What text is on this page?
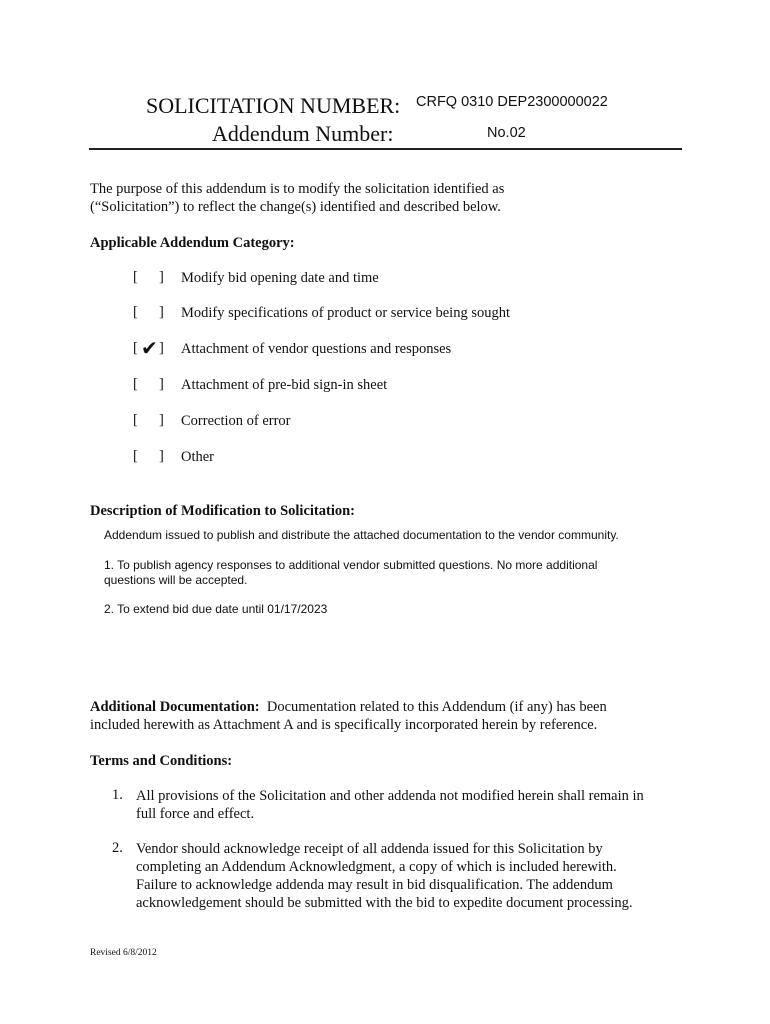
SOLICITATION NUMBER: CRFQ 0310 DEP2300000022
Addendum Number:	No.02
The purpose of this addendum is to modify the solicitation identified as
(“Solicitation”) to reflect the change(s) identified and described below.
Applicable Addendum Category:
[ ] Modify bid opening date and time
[ ] Modify specifications of product or service being sought
[ ✔ ] Attachment of vendor questions and responses
[ ] Attachment of pre-bid sign-in sheet
[ ] Correction of error
[ ] Other
Description of Modification to Solicitation:
Addendum issued to publish and distribute the attached documentation to the vendor community.
1. To publish agency responses to additional vendor submitted questions. No more additional
questions will be accepted.
2. To extend bid due date until 01/17/2023
Additional Documentation: Documentation related to this Addendum (if any) has been
included herewith as Attachment A and is specifically incorporated herein by reference.
Terms and Conditions:
1. All provisions of the Solicitation and other addenda not modified herein shall remain in
full force and effect.
2. Vendor should acknowledge receipt of all addenda issued for this Solicitation by
completing an Addendum Acknowledgment, a copy of which is included herewith.
Failure to acknowledge addenda may result in bid disqualification. The addendum
acknowledgement should be submitted with the bid to expedite document processing.
Revised 6/8/2012
